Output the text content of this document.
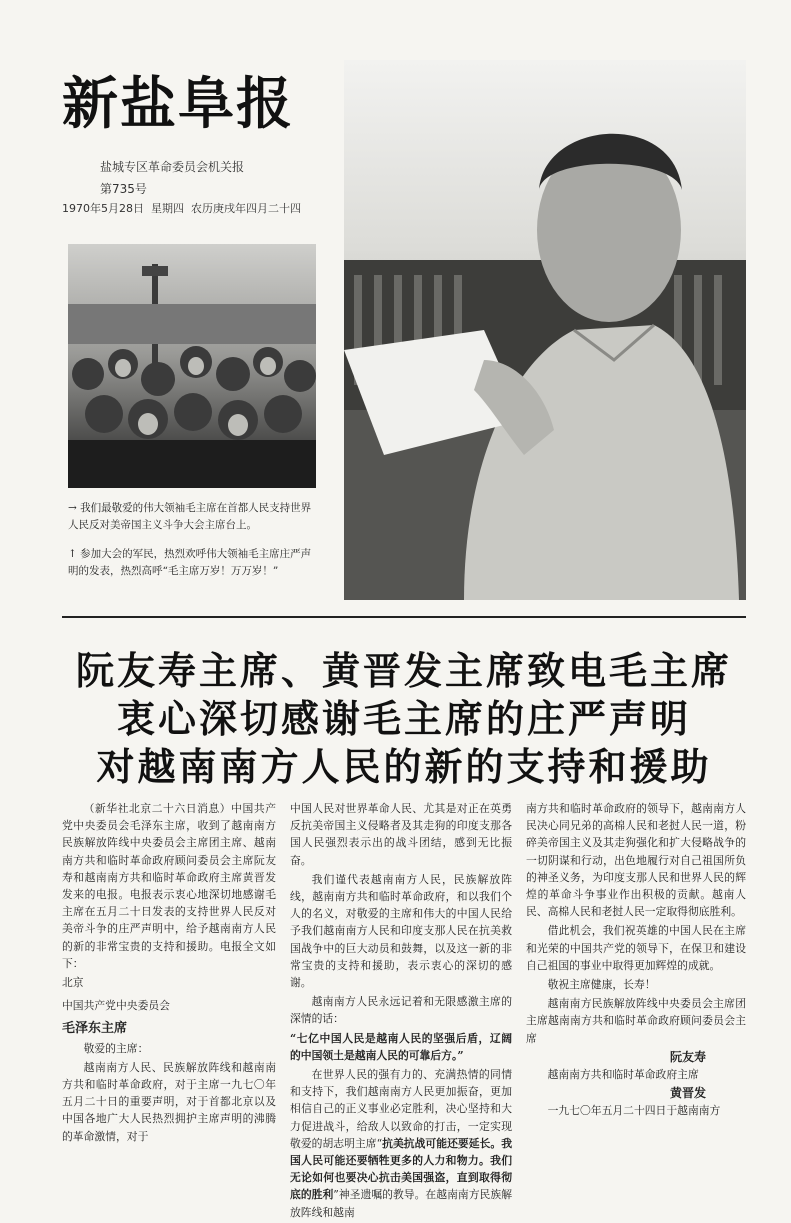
新盐阜报
盐城专区革命委员会机关报
第735号
1970年5月28日 星期四 农历庚戌年四月二十四
→ 我们最敬爱的伟大领袖毛主席在首都人民支持世界人民反对美帝国主义斗争大会主席台上。
↑ 参加大会的军民，热烈欢呼伟大领袖毛主席庄严声明的发表，热烈高呼“毛主席万岁！万万岁！”
阮友寿主席、黄晋发主席致电毛主席
衷心深切感谢毛主席的庄严声明
对越南南方人民的新的支持和援助

（新华社北京二十六日消息）中国共产党中央委员会毛泽东主席，收到了越南南方民族解放阵线中央委员会主席团主席、越南南方共和临时革命政府顾问委员会主席阮友寿和越南南方共和临时革命政府主席黄晋发发来的电报。电报表示衷心地深切地感谢毛主席在五月二十日发表的支持世界人民反对美帝斗争的庄严声明中，给予越南南方人民的新的非常宝贵的支持和援助。电报全文如下：

北京

中国共产党中央委员会

毛泽东主席

敬爱的主席：

越南南方人民、民族解放阵线和越南南方共和临时革命政府，对于主席一九七〇年五月二十日的重要声明，对于首都北京以及中国各地广大人民热烈拥护主席声明的沸腾的革命激情，对于

中国人民对世界革命人民、尤其是对正在英勇反抗美帝国主义侵略者及其走狗的印度支那各国人民强烈表示出的战斗团结，感到无比振奋。

我们谨代表越南南方人民，民族解放阵线，越南南方共和临时革命政府，和以我们个人的名义，对敬爱的主席和伟大的中国人民给予我们越南南方人民和印度支那人民在抗美救国战争中的巨大动员和鼓舞，以及这一新的非常宝贵的支持和援助，表示衷心的深切的感谢。

越南南方人民永远记着和无限感激主席的深情的话：

“七亿中国人民是越南人民的坚强后盾，辽阔的中国领土是越南人民的可靠后方。”

在世界人民的强有力的、充满热情的同情和支持下，我们越南南方人民更加振奋，更加相信自己的正义事业必定胜利，决心坚持和大力促进战斗，给敌人以致命的打击，一定实现敬爱的胡志明主席“抗美抗战可能还要延长。我国人民可能还要牺牲更多的人力和物力。我们无论如何也要决心抗击美国强盗，直到取得彻底的胜利”神圣遗嘱的教导。在越南南方民族解放阵线和越南

南方共和临时革命政府的领导下，越南南方人民决心同兄弟的高棉人民和老挝人民一道，粉碎美帝国主义及其走狗强化和扩大侵略战争的一切阴谋和行动，出色地履行对自己祖国所负的神圣义务，为印度支那人民和世界人民的辉煌的革命斗争事业作出积极的贡献。越南人民、高棉人民和老挝人民一定取得彻底胜利。

借此机会，我们祝英雄的中国人民在主席和光荣的中国共产党的领导下，在保卫和建设自己祖国的事业中取得更加辉煌的成就。

敬祝主席健康，长寿！

越南南方民族解放阵线中央委员会主席团主席越南南方共和临时革命政府顾问委员会主席

阮友寿

越南南方共和临时革命政府主席

黄晋发

一九七〇年五月二十四日于越南南方
